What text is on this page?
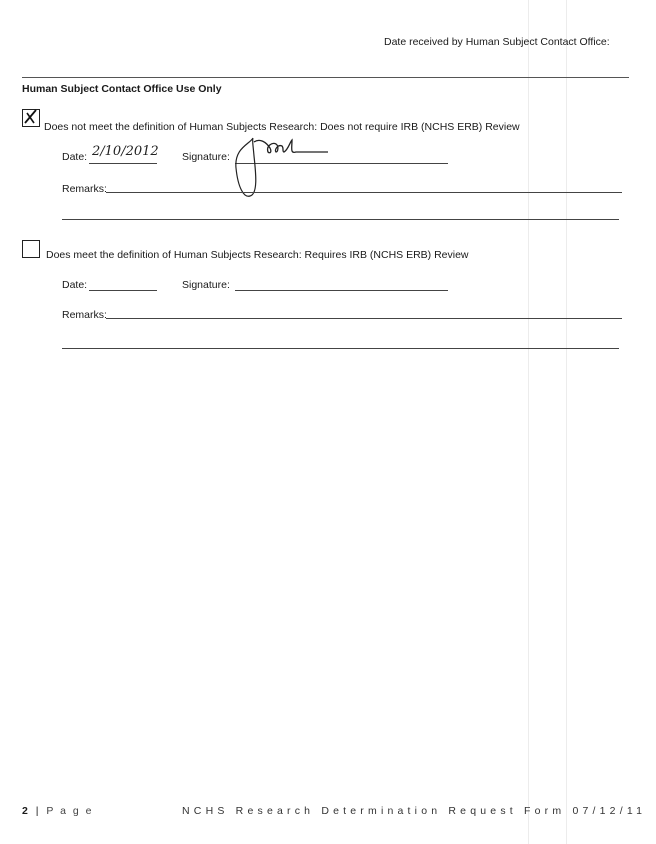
Date received by Human Subject Contact Office:
Human Subject Contact Office Use Only
Does not meet the definition of Human Subjects Research: Does not require IRB (NCHS ERB) Review
Date: 2/10/2012 Signature:
Remarks:
Does meet the definition of Human Subjects Research: Requires IRB (NCHS ERB) Review
Date:	Signature:
Remarks:
2 | P a g e	NCHS Research Determination Request Form 07/12/11
